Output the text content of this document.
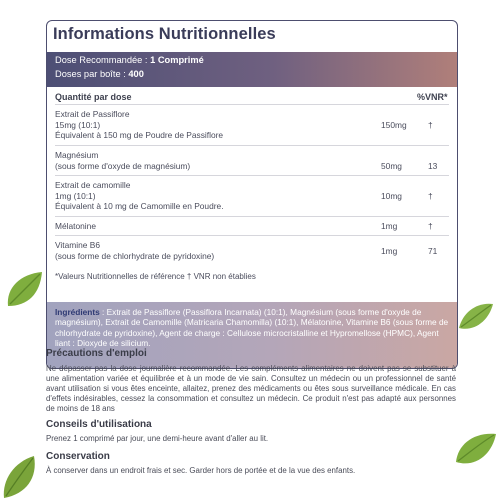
Dose Recommandée : 1 Comprimé
Doses par boîte : 400
Quantité par dose	%VNR*
Extrait de Passiflore
15mg (10:1)
Équivalent à 150 mg de Poudre de Passiflore
150mg	†
Magnésium
(sous forme d'oxyde de magnésium)	50mg	13
Extrait de camomille
1mg (10:1)
Équivalent à 10 mg de Camomille en Poudre.
10mg	†
Mélatonine	1mg	†
Vitamine B6
(sous forme de chlorhydrate de pyridoxine)	1mg	71
*Valeurs Nutritionnelles de référence † VNR non établies
Ingrédients : Extrait de Passiflore (Passiflora Incarnata) (10:1), Magnésium (sous forme d'oxyde de magnésium), Extrait de Camomille (Matricaria Chamomilla) (10:1), Mélatonine, Vitamine B6 (sous forme de chlorhydrate de pyridoxine), Agent de charge : Cellulose microcristalline et Hypromellose (HPMC), Agent liant : Dioxyde de silicium.
Informations Nutritionnelles
Précautions d'emploi
Ne dépasser pas la dose journalière recommandée. Les compléments alimentaires ne doivent pas se substituer à une alimentation variée et équilibrée et à un mode de vie sain. Consultez un médecin ou un professionnel de santé avant utilisation si vous êtes enceinte, allaitez, prenez des médicaments ou êtes sous surveillance médicale. En cas d'effets indésirables, cessez la consommation et consultez un médecin. Ce produit n'est pas adapté aux personnes de moins de 18 ans
Conseils d'utilisationa
Prenez 1 comprimé par jour, une demi-heure avant d'aller au lit.
Conservation
À conserver dans un endroit frais et sec. Garder hors de portée et de la vue des enfants.
